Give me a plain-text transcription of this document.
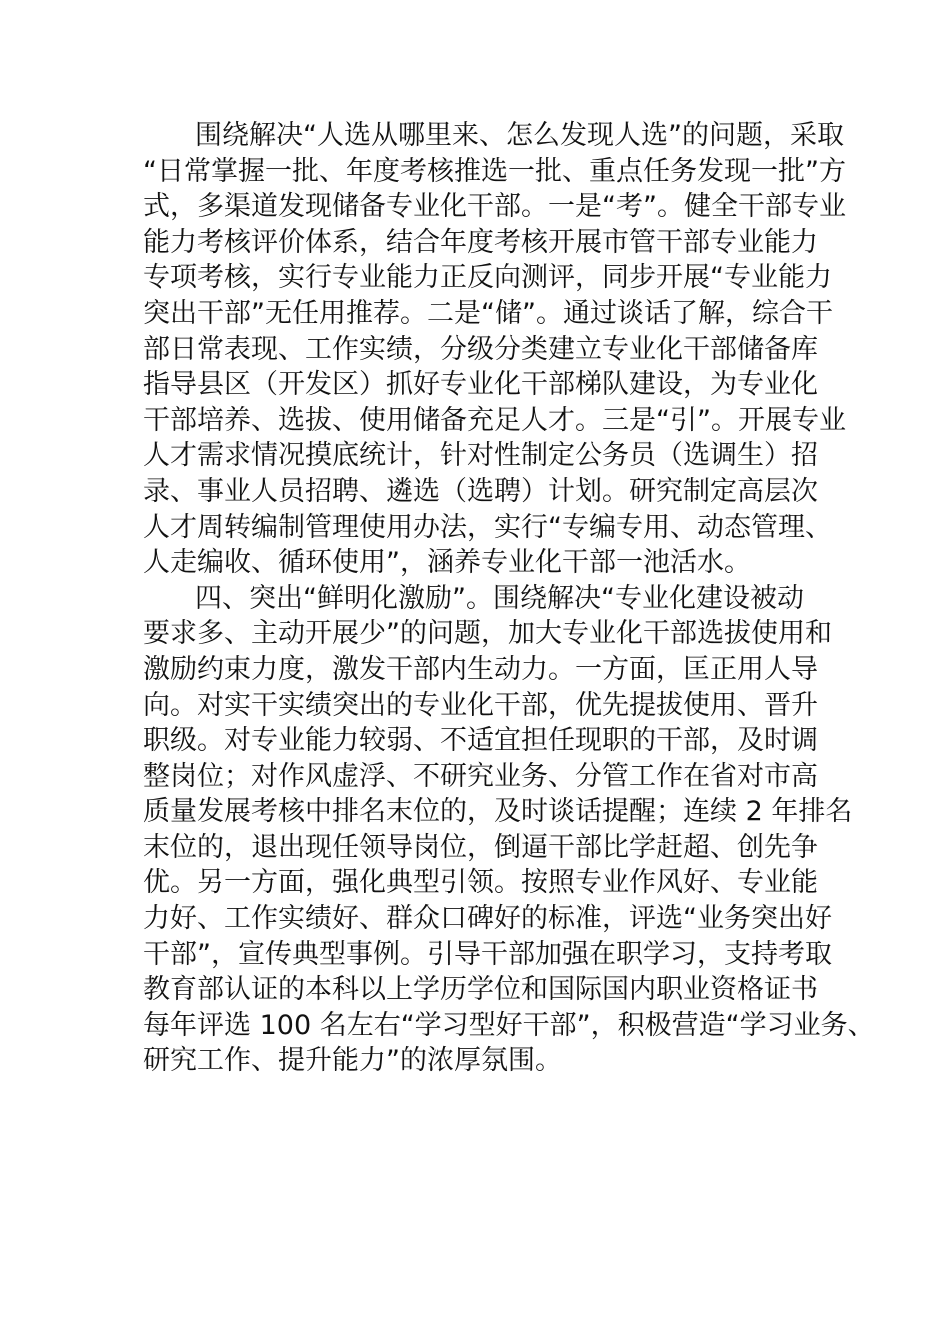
围绕解决“人选从哪里来、怎么发现人选”的问题，采取
“日常掌握一批、年度考核推选一批、重点任务发现一批”方
式，多渠道发现储备专业化干部。一是“考”。健全干部专业
能力考核评价体系，结合年度考核开展市管干部专业能力
专项考核，实行专业能力正反向测评，同步开展“专业能力
突出干部”无任用推荐。二是“储”。通过谈话了解，综合干
部日常表现、工作实绩，分级分类建立专业化干部储备库
指导县区（开发区）抓好专业化干部梯队建设，为专业化
干部培养、选拔、使用储备充足人才。三是“引”。开展专业
人才需求情况摸底统计，针对性制定公务员（选调生）招
录、事业人员招聘、遴选（选聘）计划。研究制定高层次
人才周转编制管理使用办法，实行“专编专用、动态管理、
人走编收、循环使用”，涵养专业化干部一池活水。
四、突出“鲜明化激励”。围绕解决“专业化建设被动
要求多、主动开展少”的问题，加大专业化干部选拔使用和
激励约束力度，激发干部内生动力。一方面，匡正用人导
向。对实干实绩突出的专业化干部，优先提拔使用、晋升
职级。对专业能力较弱、不适宜担任现职的干部，及时调
整岗位；对作风虚浮、不研究业务、分管工作在省对市高
质量发展考核中排名末位的，及时谈话提醒；连续 2 年排名
末位的，退出现任领导岗位，倒逼干部比学赶超、创先争
优。另一方面，强化典型引领。按照专业作风好、专业能
力好、工作实绩好、群众口碑好的标准，评选“业务突出好
干部”，宣传典型事例。引导干部加强在职学习，支持考取
教育部认证的本科以上学历学位和国际国内职业资格证书
每年评选 100 名左右“学习型好干部”，积极营造“学习业务、
研究工作、提升能力”的浓厚氛围。
